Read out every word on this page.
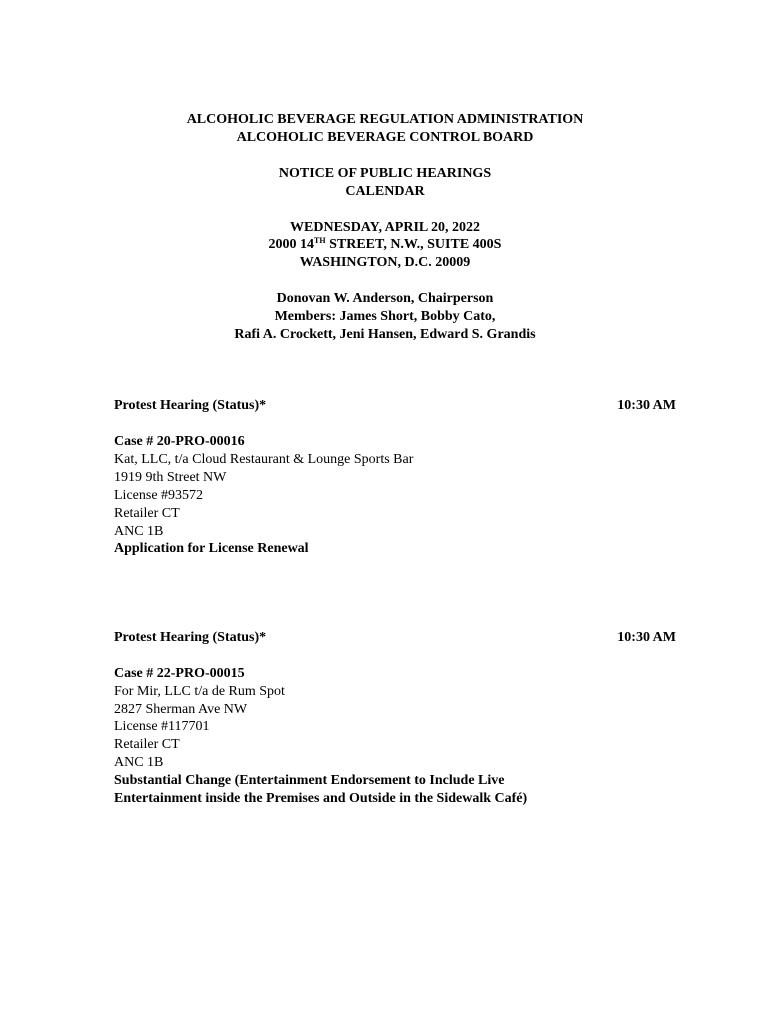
ALCOHOLIC BEVERAGE REGULATION ADMINISTRATION
ALCOHOLIC BEVERAGE CONTROL BOARD
NOTICE OF PUBLIC HEARINGS
CALENDAR
WEDNESDAY, APRIL 20, 2022
2000 14TH STREET, N.W., SUITE 400S
WASHINGTON, D.C. 20009
Donovan W. Anderson, Chairperson
Members: James Short, Bobby Cato,
Rafi A. Crockett, Jeni Hansen, Edward S. Grandis
Protest Hearing (Status)*	10:30 AM
Case # 20-PRO-00016
Kat, LLC, t/a Cloud Restaurant & Lounge Sports Bar
1919 9th Street NW
License #93572
Retailer CT
ANC 1B
Application for License Renewal
Protest Hearing (Status)*	10:30 AM
Case # 22-PRO-00015
For Mir, LLC t/a de Rum Spot
2827 Sherman Ave NW
License #117701
Retailer CT
ANC 1B
Substantial Change (Entertainment Endorsement to Include Live
Entertainment inside the Premises and Outside in the Sidewalk Café)
